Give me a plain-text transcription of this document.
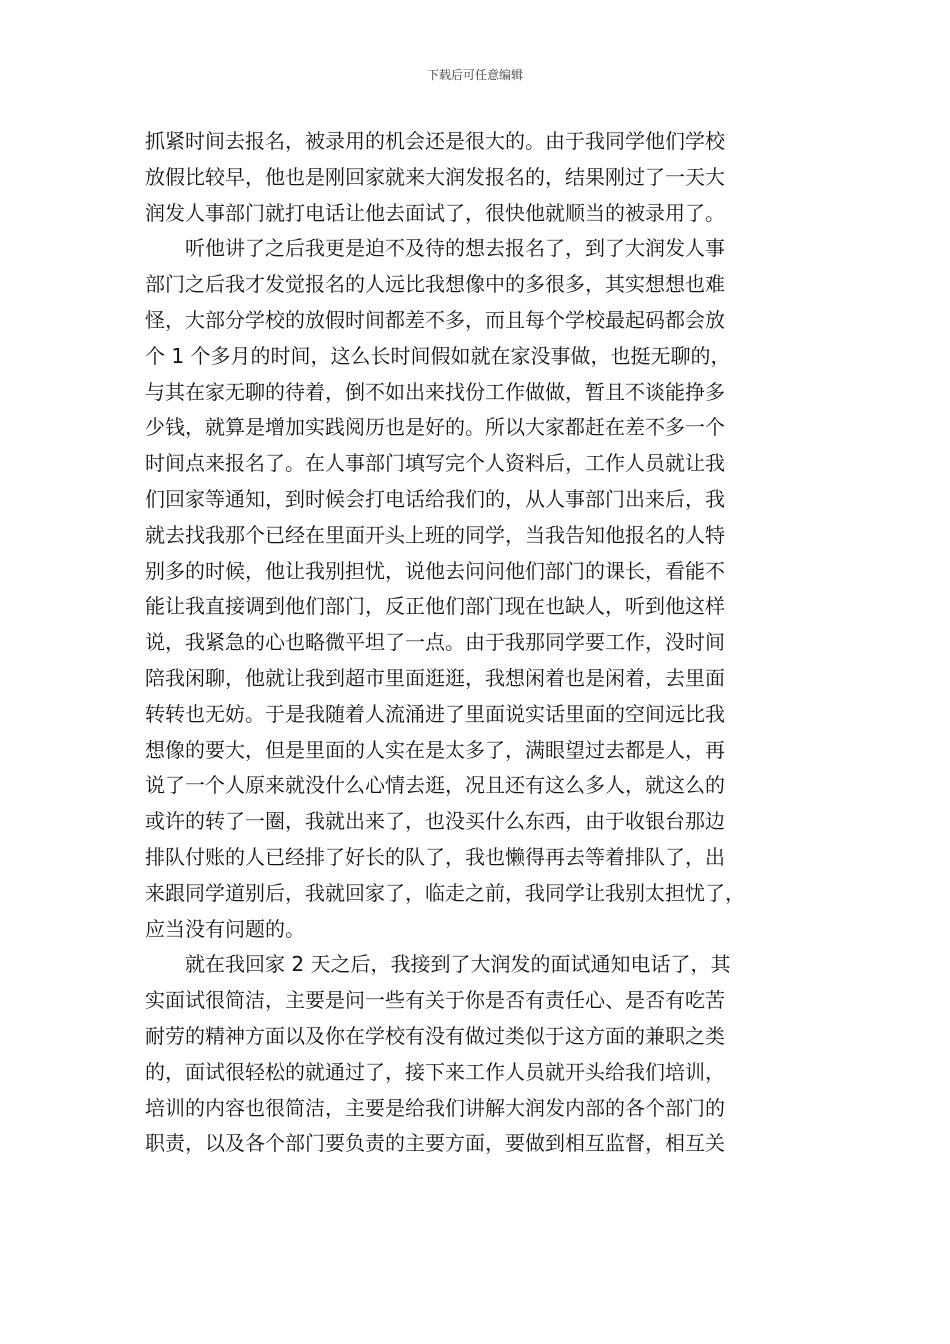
下载后可任意编辑
抓紧时间去报名，被录用的机会还是很大的。由于我同学他们学校
放假比较早，他也是刚回家就来大润发报名的，结果刚过了一天大
润发人事部门就打电话让他去面试了，很快他就顺当的被录用了。
　　听他讲了之后我更是迫不及待的想去报名了，到了大润发人事
部门之后我才发觉报名的人远比我想像中的多很多，其实想想也难
怪，大部分学校的放假时间都差不多，而且每个学校最起码都会放
个 1 个多月的时间，这么长时间假如就在家没事做，也挺无聊的，
与其在家无聊的待着，倒不如出来找份工作做做，暂且不谈能挣多
少钱，就算是增加实践阅历也是好的。所以大家都赶在差不多一个
时间点来报名了。在人事部门填写完个人资料后，工作人员就让我
们回家等通知，到时候会打电话给我们的，从人事部门出来后，我
就去找我那个已经在里面开头上班的同学，当我告知他报名的人特
别多的时候，他让我别担忧，说他去问问他们部门的课长，看能不
能让我直接调到他们部门，反正他们部门现在也缺人，听到他这样
说，我紧急的心也略微平坦了一点。由于我那同学要工作，没时间
陪我闲聊，他就让我到超市里面逛逛，我想闲着也是闲着，去里面
转转也无妨。于是我随着人流涌进了里面说实话里面的空间远比我
想像的要大，但是里面的人实在是太多了，满眼望过去都是人，再
说了一个人原来就没什么心情去逛，况且还有这么多人，就这么的
或许的转了一圈，我就出来了，也没买什么东西，由于收银台那边
排队付账的人已经排了好长的队了，我也懒得再去等着排队了，出
来跟同学道别后，我就回家了，临走之前，我同学让我别太担忧了，
应当没有问题的。
　　就在我回家 2 天之后，我接到了大润发的面试通知电话了，其
实面试很简洁，主要是问一些有关于你是否有责任心、是否有吃苦
耐劳的精神方面以及你在学校有没有做过类似于这方面的兼职之类
的，面试很轻松的就通过了，接下来工作人员就开头给我们培训，
培训的内容也很简洁，主要是给我们讲解大润发内部的各个部门的
职责，以及各个部门要负责的主要方面，要做到相互监督，相互关
